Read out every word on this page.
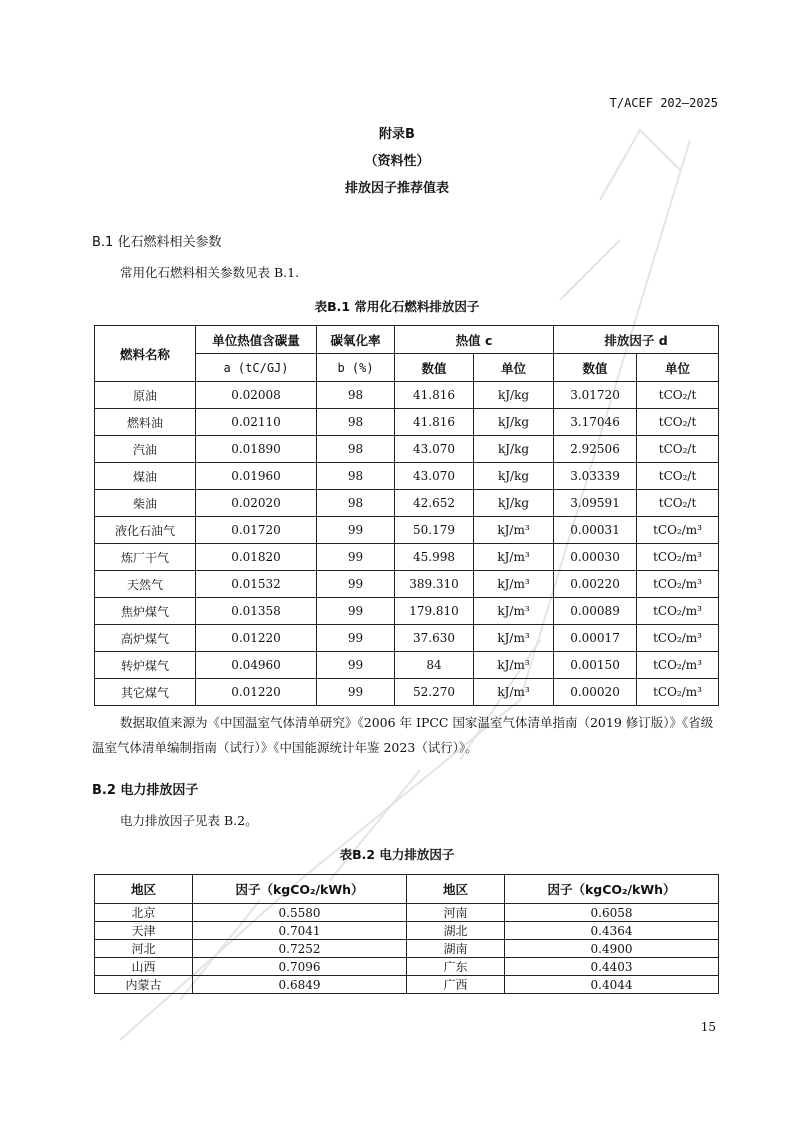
T/ACEF 202—2025
附录B
（资料性）
排放因子推荐值表
B.1 化石燃料相关参数
常用化石燃料相关参数见表 B.1.
表B.1 常用化石燃料排放因子
燃料名称	单位热值含碳量	碳氧化率	热值 c		排放因子 d	
	a (tC/GJ)	b (%)	数值	单位	数值	单位
原油	0.02008	98	41.816	kJ/kg	3.01720	tCO₂/t
燃料油	0.02110	98	41.816	kJ/kg	3.17046	tCO₂/t
汽油	0.01890	98	43.070	kJ/kg	2.92506	tCO₂/t
煤油	0.01960	98	43.070	kJ/kg	3.03339	tCO₂/t
柴油	0.02020	98	42.652	kJ/kg	3.09591	tCO₂/t
液化石油气	0.01720	99	50.179	kJ/m³	0.00031	tCO₂/m³
炼厂干气	0.01820	99	45.998	kJ/m³	0.00030	tCO₂/m³
天然气	0.01532	99	389.310	kJ/m³	0.00220	tCO₂/m³
焦炉煤气	0.01358	99	179.810	kJ/m³	0.00089	tCO₂/m³
高炉煤气	0.01220	99	37.630	kJ/m³	0.00017	tCO₂/m³
转炉煤气	0.04960	99	84	kJ/m³	0.00150	tCO₂/m³
其它煤气	0.01220	99	52.270	kJ/m³	0.00020	tCO₂/m³
数据取值来源为《中国温室气体清单研究》《2006 年 IPCC 国家温室气体清单指南（2019 修订版）》《省级温室气体清单编制指南（试行）》《中国能源统计年鉴 2023（试行）》。
B.2 电力排放因子
电力排放因子见表 B.2。
表B.2 电力排放因子
地区	因子（kgCO₂/kWh）	地区	因子（kgCO₂/kWh）
北京	0.5580	河南	0.6058
天津	0.7041	湖北	0.4364
河北	0.7252	湖南	0.4900
山西	0.7096	广东	0.4403
内蒙古	0.6849	广西	0.4044
15
